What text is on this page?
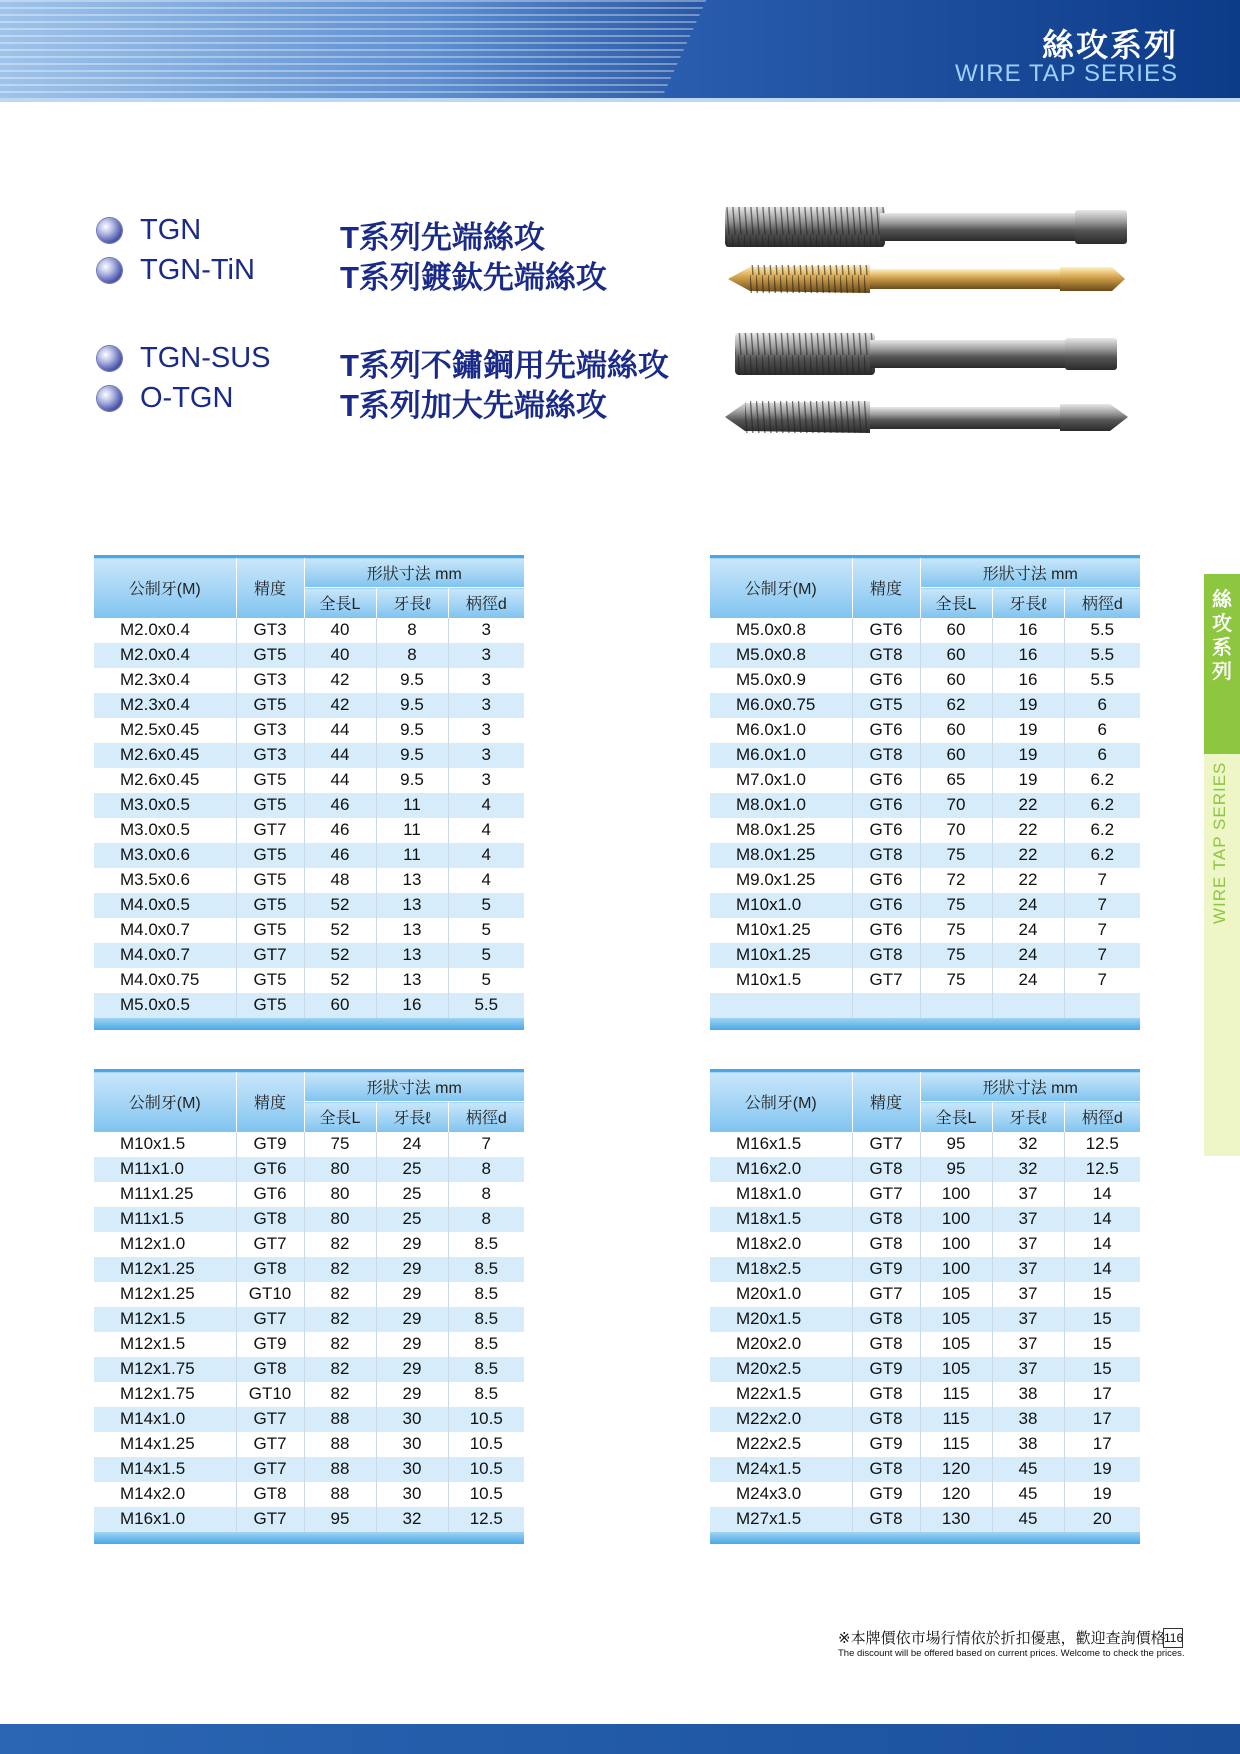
絲攻系列
WIRE TAP SERIES
TGN	T系列先端絲攻
TGN-TiN	T系列鍍鈦先端絲攻
TGN-SUS T系列不鏽鋼用先端絲攻
O-TGN	T系列加大先端絲攻
絲
攻
系
列
WIRE TAP SERIES
公制牙(M)	精度	形狀寸法 mm		
		全長L	牙長ℓ	柄徑d
M2.0x0.4	GT3	40	8	3
M2.0x0.4	GT5	40	8	3
M2.3x0.4	GT3	42	9.5	3
M2.3x0.4	GT5	42	9.5	3
M2.5x0.45	GT3	44	9.5	3
M2.6x0.45	GT3	44	9.5	3
M2.6x0.45	GT5	44	9.5	3
M3.0x0.5	GT5	46	11	4
M3.0x0.5	GT7	46	11	4
M3.0x0.6	GT5	46	11	4
M3.5x0.6	GT5	48	13	4
M4.0x0.5	GT5	52	13	5
M4.0x0.7	GT5	52	13	5
M4.0x0.7	GT7	52	13	5
M4.0x0.75	GT5	52	13	5
M5.0x0.5	GT5	60	16	5.5

公制牙(M)	精度	形狀寸法 mm		
		全長L	牙長ℓ	柄徑d
M5.0x0.8	GT6	60	16	5.5
M5.0x0.8	GT8	60	16	5.5
M5.0x0.9	GT6	60	16	5.5
M6.0x0.75	GT5	62	19	6
M6.0x1.0	GT6	60	19	6
M6.0x1.0	GT8	60	19	6
M7.0x1.0	GT6	65	19	6.2
M8.0x1.0	GT6	70	22	6.2
M8.0x1.25	GT6	70	22	6.2
M8.0x1.25	GT8	75	22	6.2
M9.0x1.25	GT6	72	22	7
M10x1.0	GT6	75	24	7
M10x1.25	GT6	75	24	7
M10x1.25	GT8	75	24	7
M10x1.5	GT7	75	24	7

公制牙(M)	精度	形狀寸法 mm		
		全長L	牙長ℓ	柄徑d
M10x1.5	GT9	75	24	7
M11x1.0	GT6	80	25	8
M11x1.25	GT6	80	25	8
M11x1.5	GT8	80	25	8
M12x1.0	GT7	82	29	8.5
M12x1.25	GT8	82	29	8.5
M12x1.25	GT10	82	29	8.5
M12x1.5	GT7	82	29	8.5
M12x1.5	GT9	82	29	8.5
M12x1.75	GT8	82	29	8.5
M12x1.75	GT10	82	29	8.5
M14x1.0	GT7	88	30	10.5
M14x1.25	GT7	88	30	10.5
M14x1.5	GT7	88	30	10.5
M14x2.0	GT8	88	30	10.5
M16x1.0	GT7	95	32	12.5

公制牙(M)	精度	形狀寸法 mm		
		全長L	牙長ℓ	柄徑d
M16x1.5	GT7	95	32	12.5
M16x2.0	GT8	95	32	12.5
M18x1.0	GT7	100	37	14
M18x1.5	GT8	100	37	14
M18x2.0	GT8	100	37	14
M18x2.5	GT9	100	37	14
M20x1.0	GT7	105	37	15
M20x1.5	GT8	105	37	15
M20x2.0	GT8	105	37	15
M20x2.5	GT9	105	37	15
M22x1.5	GT8	115	38	17
M22x2.0	GT8	115	38	17
M22x2.5	GT9	115	38	17
M24x1.5	GT8	120	45	19
M24x3.0	GT9	120	45	19
M27x1.5	GT8	130	45	20

※本牌價依市場行情依於折扣優惠，歡迎查詢價格
The discount will be offered based on current prices. Welcome to check the prices.
116
